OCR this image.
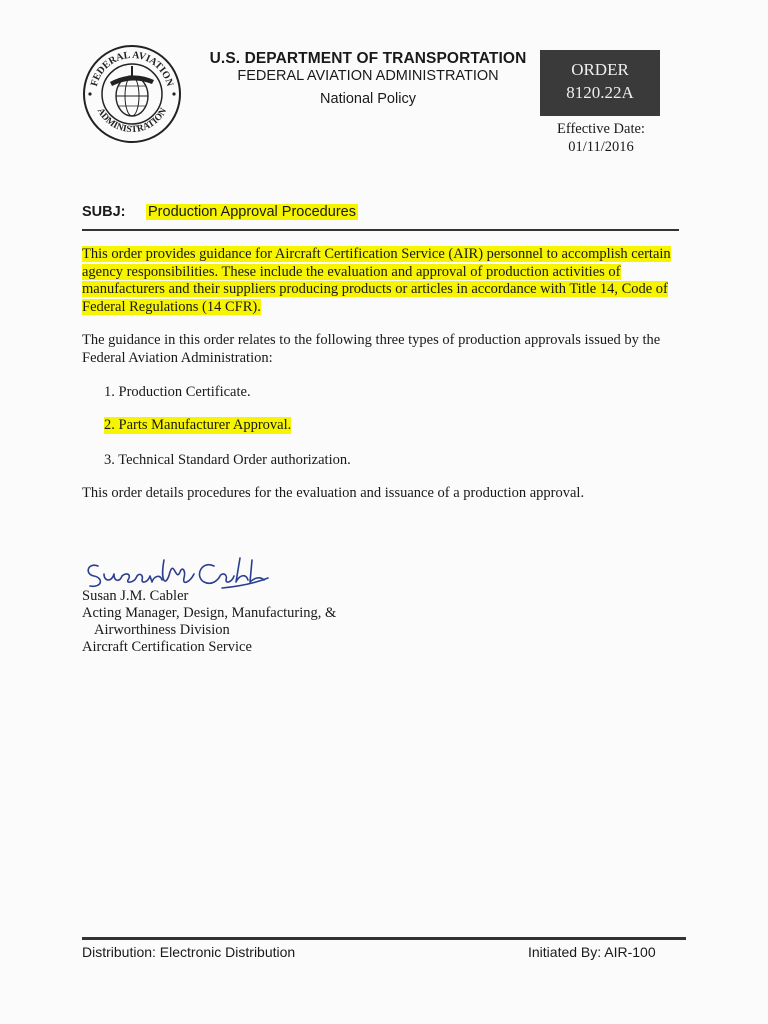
FEDERAL AVIATION
ADMINISTRATION
U.S. DEPARTMENT OF TRANSPORTATION
FEDERAL AVIATION ADMINISTRATION
National Policy
ORDER
8120.22A
Effective Date:
01/11/2016
SUBJ: Production Approval Procedures
This order provides guidance for Aircraft Certification Service (AIR) personnel to accomplish certain agency responsibilities. These include the evaluation and approval of production activities of manufacturers and their suppliers producing products or articles in accordance with Title 14, Code of Federal Regulations (14 CFR).
The guidance in this order relates to the following three types of production approvals issued by the Federal Aviation Administration:
1. Production Certificate.
2. Parts Manufacturer Approval.
3. Technical Standard Order authorization.
This order details procedures for the evaluation and issuance of a production approval.
Susan J.M. Cabler
Acting Manager, Design, Manufacturing, &
Airworthiness Division
Aircraft Certification Service
Distribution: Electronic Distribution	Initiated By: AIR-100
